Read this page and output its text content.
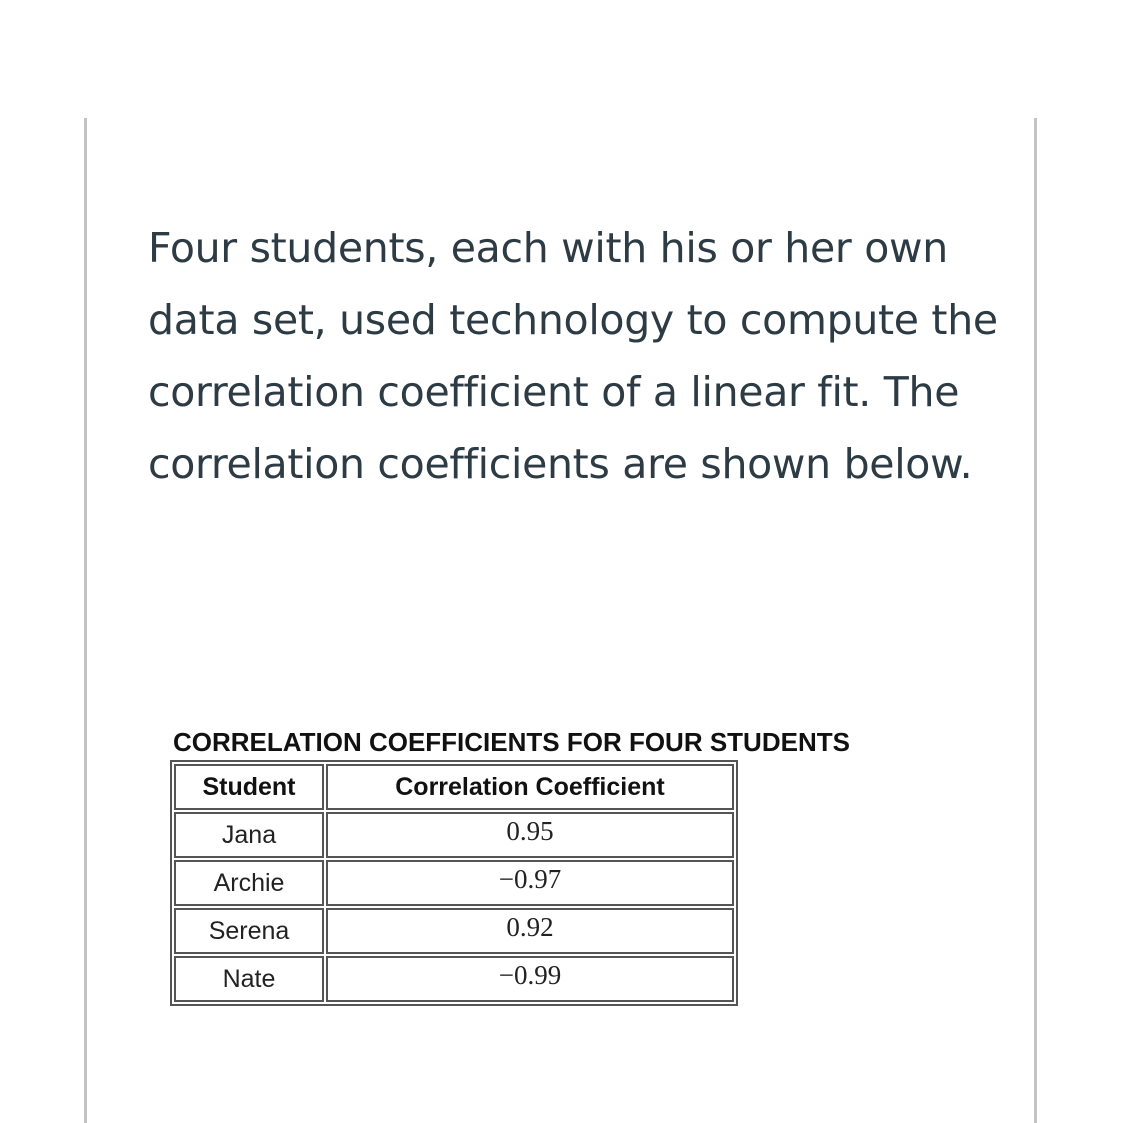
Four students, each with his or her own data set, used technology to compute the correlation coefficient of a linear fit. The correlation coefficients are shown below.

CORRELATION COEFFICIENTS FOR FOUR STUDENTS

Student	Correlation Coefficient
Jana	0.95
Archie	−0.97
Serena	0.92
Nate	−0.99
